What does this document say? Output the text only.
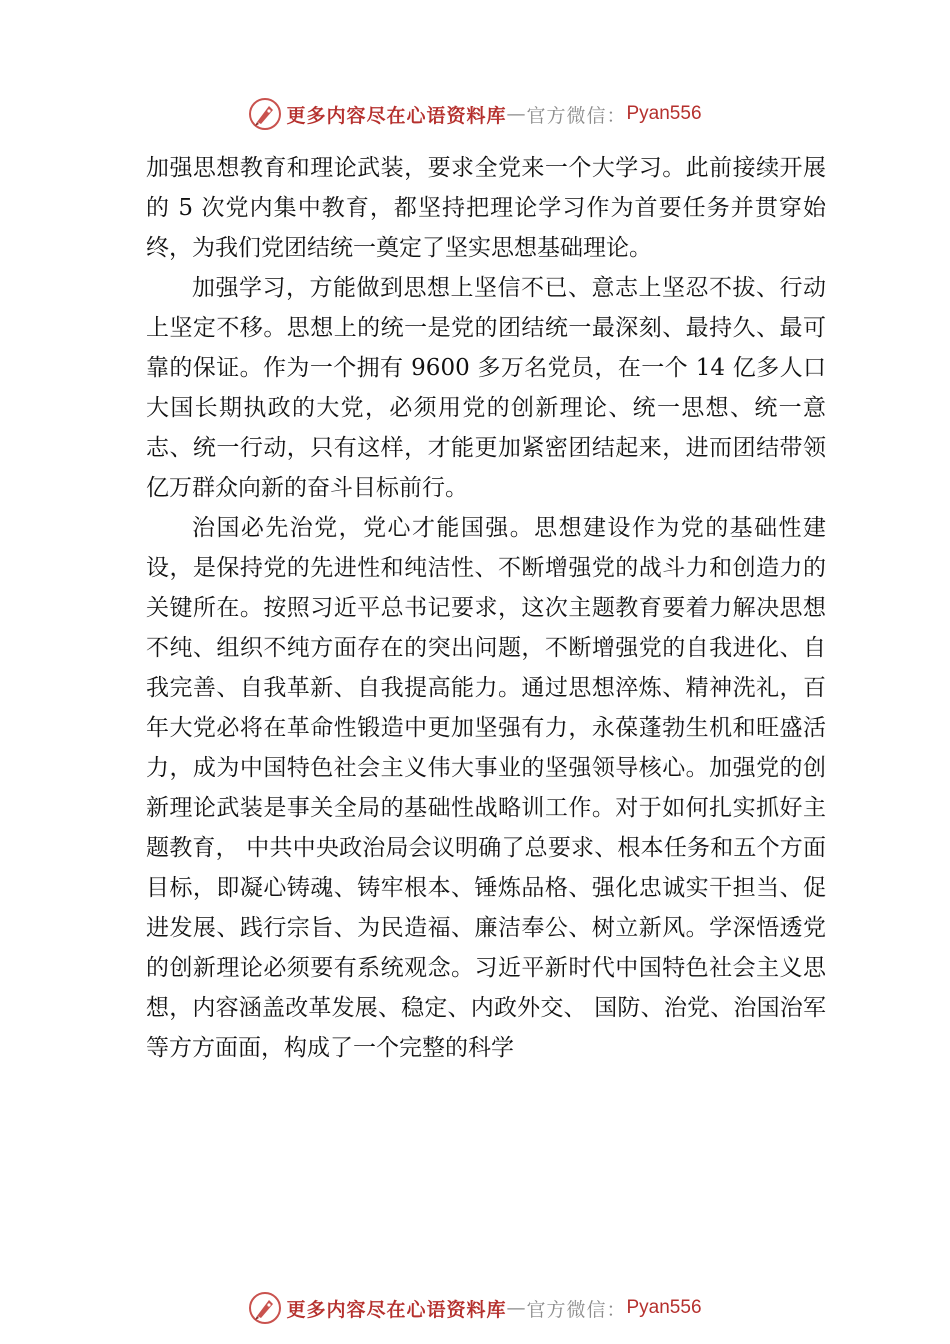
更多内容尽在心语资料库 — 官方微信： Pyan556

加强思想教育和理论武装，要求全党来一个大学习。此前接续开展的 5 次党内集中教育，都坚持把理论学习作为首要任务并贯穿始终，为我们党团结统一奠定了坚实思想基础理论。

加强学习，方能做到思想上坚信不已、意志上坚忍不拔、行动上坚定不移。思想上的统一是党的团结统一最深刻、最持久、最可靠的保证。作为一个拥有 9600 多万名党员，在一个 14 亿多人口大国长期执政的大党，必须用党的创新理论、统一思想、统一意志、统一行动，只有这样，才能更加紧密团结起来，进而团结带领亿万群众向新的奋斗目标前行。

治国必先治党，党心才能国强。思想建设作为党的基础性建设，是保持党的先进性和纯洁性、不断增强党的战斗力和创造力的关键所在。按照习近平总书记要求，这次主题教育要着力解决思想不纯、组织不纯方面存在的突出问题，不断增强党的自我进化、自我完善、自我革新、自我提高能力。通过思想淬炼、精神洗礼，百年大党必将在革命性锻造中更加坚强有力，永葆蓬勃生机和旺盛活力，成为中国特色社会主义伟大事业的坚强领导核心。加强党的创新理论武装是事关全局的基础性战略训工作。对于如何扎实抓好主题教育， 中共中央政治局会议明确了总要求、根本任务和五个方面目标，即凝心铸魂、铸牢根本、锤炼品格、强化忠诚实干担当、促进发展、践行宗旨、为民造福、廉洁奉公、树立新风。学深悟透党的创新理论必须要有系统观念。习近平新时代中国特色社会主义思想，内容涵盖改革发展、稳定、内政外交、 国防、治党、治国治军等方方面面，构成了一个完整的科学

更多内容尽在心语资料库 — 官方微信： Pyan556
